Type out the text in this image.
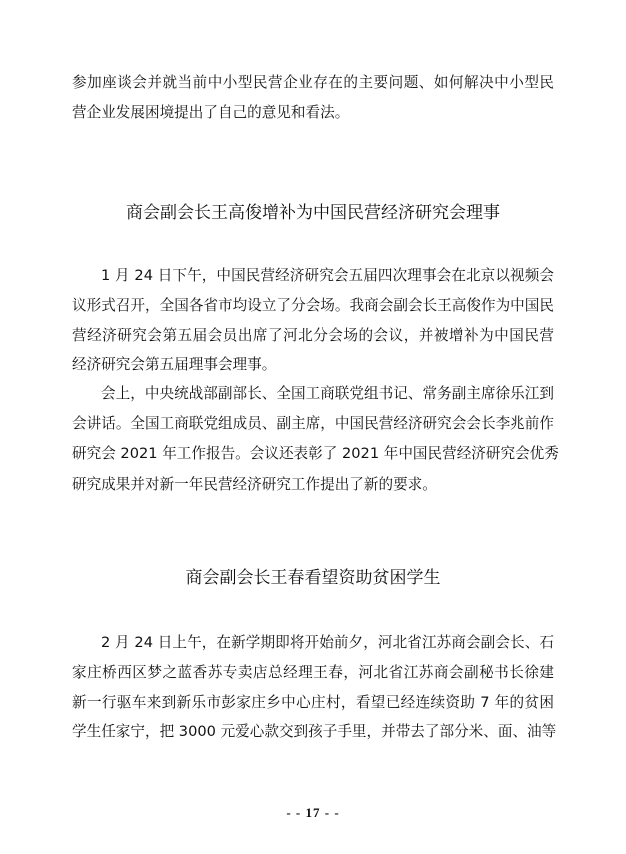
参加座谈会并就当前中小型民营企业存在的主要问题、如何解决中小型民
营企业发展困境提出了自己的意见和看法。
商会副会长王高俊增补为中国民营经济研究会理事
1 月 24 日下午，中国民营经济研究会五届四次理事会在北京以视频会
议形式召开，全国各省市均设立了分会场。我商会副会长王高俊作为中国民
营经济研究会第五届会员出席了河北分会场的会议，并被增补为中国民营
经济研究会第五届理事会理事。
会上，中央统战部副部长、全国工商联党组书记、常务副主席徐乐江到
会讲话。全国工商联党组成员、副主席，中国民营经济研究会会长李兆前作
研究会 2021 年工作报告。会议还表彰了 2021 年中国民营经济研究会优秀
研究成果并对新一年民营经济研究工作提出了新的要求。
商会副会长王春看望资助贫困学生
2 月 24 日上午，在新学期即将开始前夕，河北省江苏商会副会长、石
家庄桥西区梦之蓝香苏专卖店总经理王春，河北省江苏商会副秘书长徐建
新一行驱车来到新乐市彭家庄乡中心庄村，看望已经连续资助 7 年的贫困
学生任家宁，把 3000 元爱心款交到孩子手里，并带去了部分米、面、油等
- - 17 - -
